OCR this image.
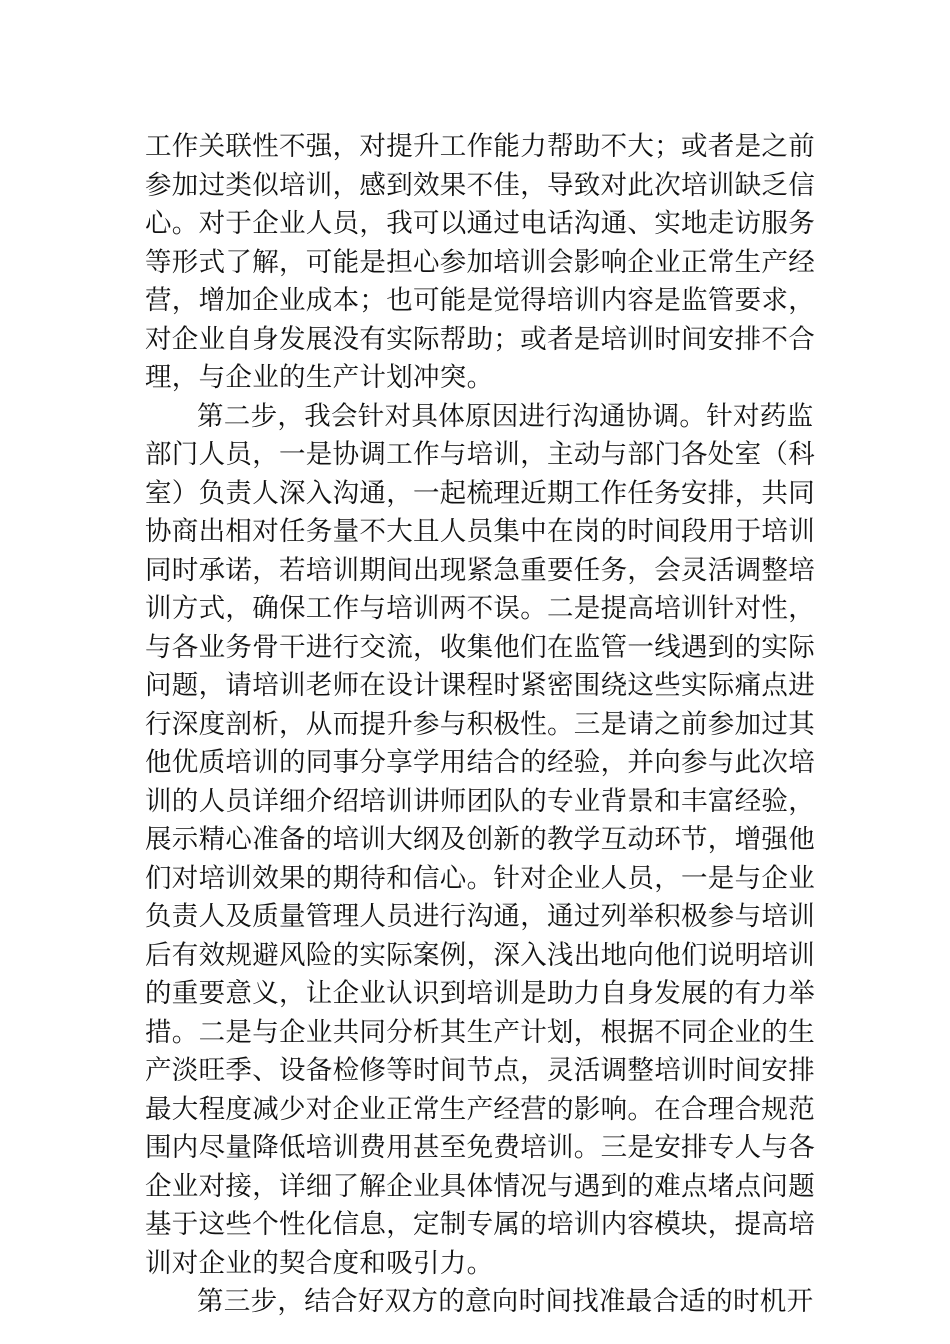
工作关联性不强，对提升工作能力帮助不大；或者是之前
参加过类似培训，感到效果不佳，导致对此次培训缺乏信
心。对于企业人员，我可以通过电话沟通、实地走访服务
等形式了解，可能是担心参加培训会影响企业正常生产经
营，增加企业成本；也可能是觉得培训内容是监管要求，
对企业自身发展没有实际帮助；或者是培训时间安排不合
理，与企业的生产计划冲突。
第二步，我会针对具体原因进行沟通协调。针对药监
部门人员，一是协调工作与培训，主动与部门各处室（科
室）负责人深入沟通，一起梳理近期工作任务安排，共同
协商出相对任务量不大且人员集中在岗的时间段用于培训
同时承诺，若培训期间出现紧急重要任务，会灵活调整培
训方式，确保工作与培训两不误。二是提高培训针对性，
与各业务骨干进行交流，收集他们在监管一线遇到的实际
问题，请培训老师在设计课程时紧密围绕这些实际痛点进
行深度剖析，从而提升参与积极性。三是请之前参加过其
他优质培训的同事分享学用结合的经验，并向参与此次培
训的人员详细介绍培训讲师团队的专业背景和丰富经验，
展示精心准备的培训大纲及创新的教学互动环节，增强他
们对培训效果的期待和信心。针对企业人员，一是与企业
负责人及质量管理人员进行沟通，通过列举积极参与培训
后有效规避风险的实际案例，深入浅出地向他们说明培训
的重要意义，让企业认识到培训是助力自身发展的有力举
措。二是与企业共同分析其生产计划，根据不同企业的生
产淡旺季、设备检修等时间节点，灵活调整培训时间安排
最大程度减少对企业正常生产经营的影响。在合理合规范
围内尽量降低培训费用甚至免费培训。三是安排专人与各
企业对接，详细了解企业具体情况与遇到的难点堵点问题
基于这些个性化信息，定制专属的培训内容模块，提高培
训对企业的契合度和吸引力。
第三步，结合好双方的意向时间找准最合适的时机开
